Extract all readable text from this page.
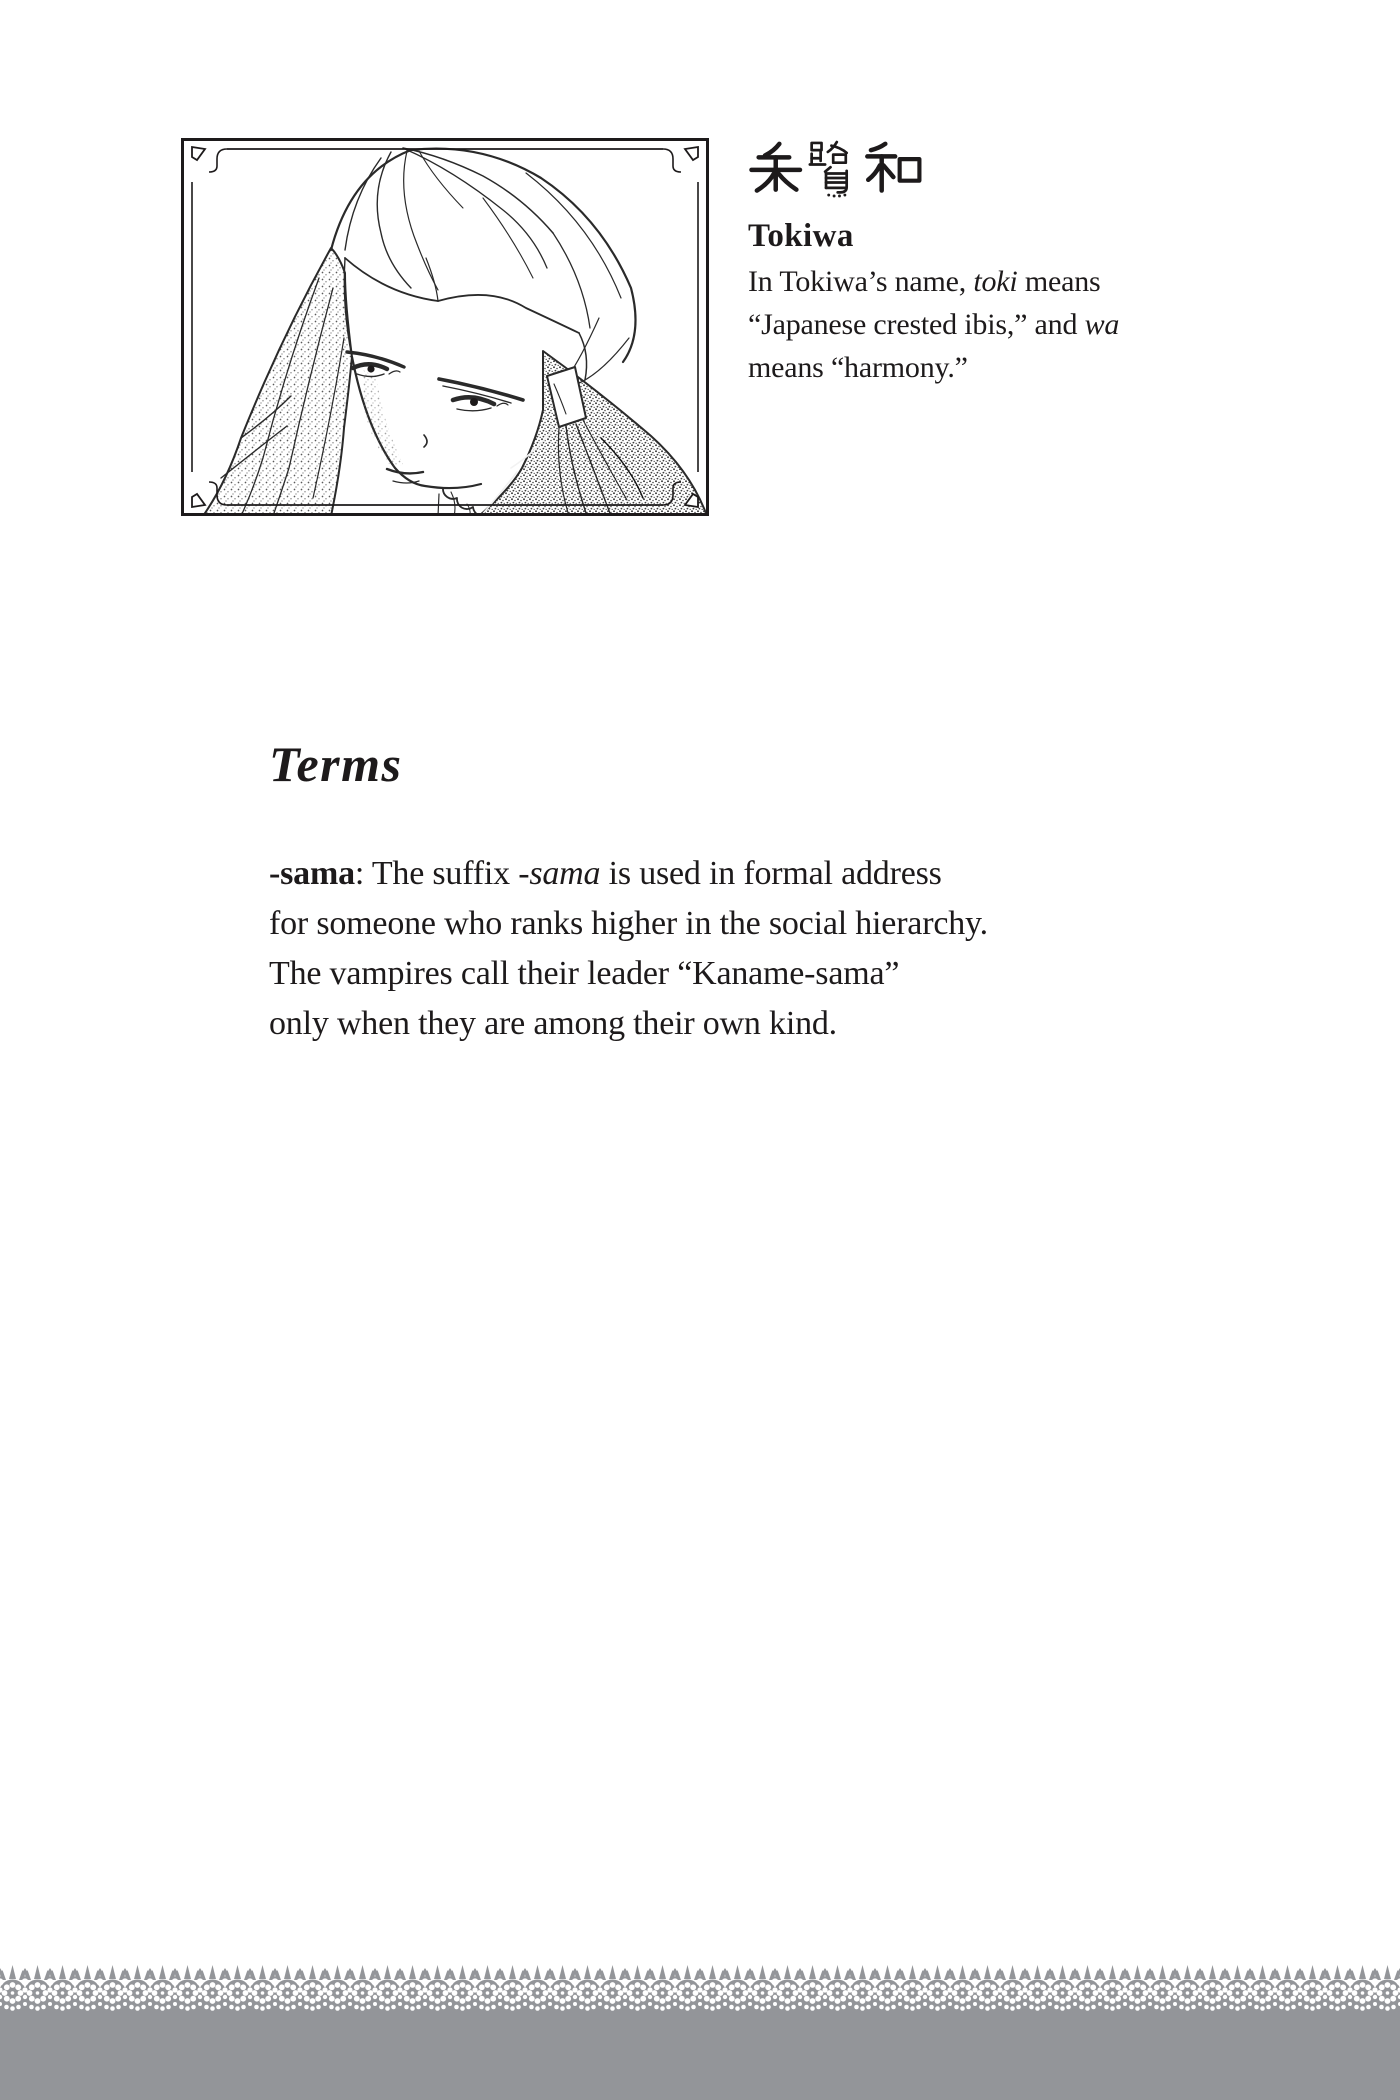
Tokiwa
In Tokiwa’s name, toki means
“Japanese crested ibis,” and wa
means “harmony.”
Terms
-sama: The suffix -sama is used in formal address
for someone who ranks higher in the social hierarchy.
The vampires call their leader “Kaname-sama”
only when they are among their own kind.
